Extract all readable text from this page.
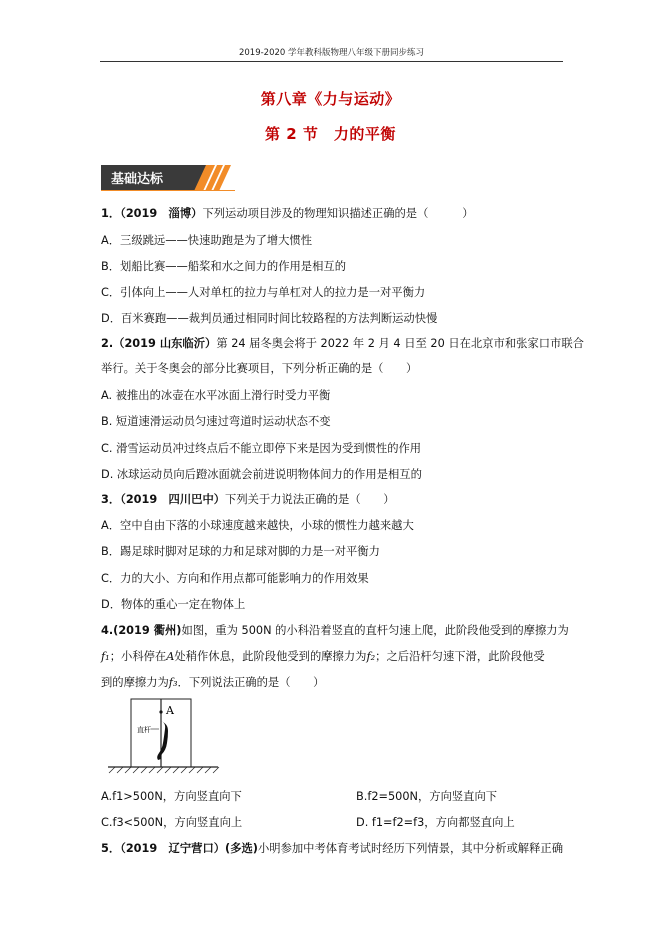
2019-2020 学年教科版物理八年级下册同步练习
第八章《力与运动》
第 2 节　力的平衡
基础达标
1．（2019　淄博）下列运动项目涉及的物理知识描述正确的是（　　　）
A．三级跳远——快速助跑是为了增大惯性
B．划船比赛——船桨和水之间力的作用是相互的
C．引体向上——人对单杠的拉力与单杠对人的拉力是一对平衡力
D．百米赛跑——裁判员通过相同时间比较路程的方法判断运动快慢
2.（2019 山东临沂）第 24 届冬奥会将于 2022 年 2 月 4 日至 20 日在北京市和张家口市联合
举行。关于冬奥会的部分比赛项目，下列分析正确的是（　　）
A. 被推出的冰壶在水平冰面上滑行时受力平衡
B. 短道速滑运动员匀速过弯道时运动状态不变
C. 滑雪运动员冲过终点后不能立即停下来是因为受到惯性的作用
D. 冰球运动员向后蹬冰面就会前进说明物体间力的作用是相互的
3．（2019　四川巴中）下列关于力说法正确的是（　　）
A．空中自由下落的小球速度越来越快，小球的惯性力越来越大
B．踢足球时脚对足球的力和足球对脚的力是一对平衡力
C．力的大小、方向和作用点都可能影响力的作用效果
D．物体的重心一定在物体上
4.(2019 衢州)如图，重为 500N 的小科沿着竖直的直杆匀速上爬，此阶段他受到的摩擦力为
f₁；小科停在A处稍作休息，此阶段他受到的摩擦力为f₂；之后沿杆匀速下滑，此阶段他受
到的摩擦力为f₃．下列说法正确的是（　　）
A
直杆
A.f1>500N，方向竖直向下	B.f2=500N，方向竖直向下
C.f3<500N，方向竖直向上	D. f1=f2=f3，方向都竖直向上
5．（2019　辽宁营口）(多选)小明参加中考体育考试时经历下列情景，其中分析或解释正确
